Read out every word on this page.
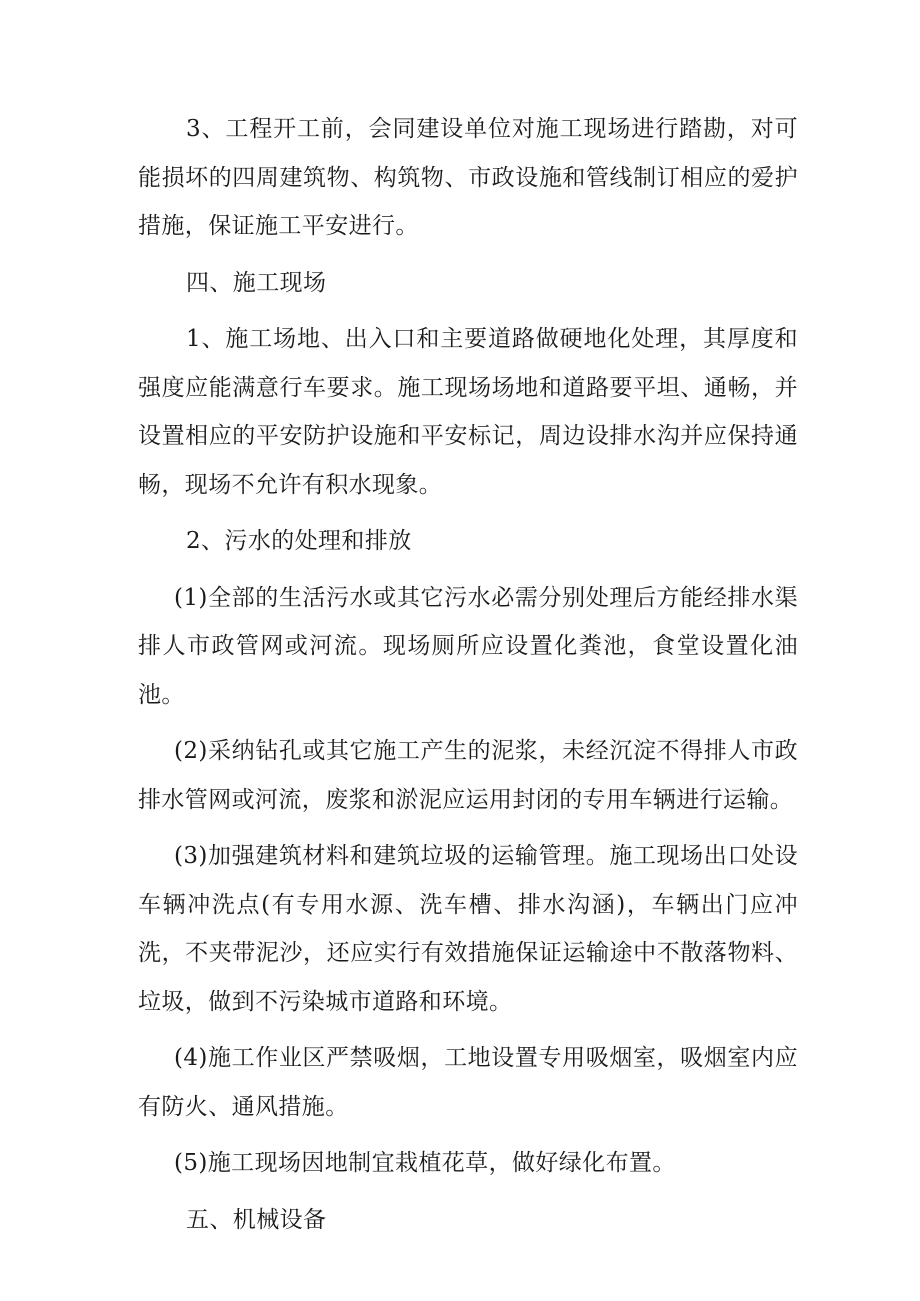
3、工程开工前，会同建设单位对施工现场进行踏勘，对可能损坏的四周建筑物、构筑物、市政设施和管线制订相应的爱护措施，保证施工平安进行。

四、施工现场

1、施工场地、出入口和主要道路做硬地化处理，其厚度和强度应能满意行车要求。施工现场场地和道路要平坦、通畅，并设置相应的平安防护设施和平安标记，周边设排水沟并应保持通畅，现场不允许有积水现象。

2、污水的处理和排放

(1)全部的生活污水或其它污水必需分别处理后方能经排水渠排人市政管网或河流。现场厕所应设置化粪池，食堂设置化油池。

(2)采纳钻孔或其它施工产生的泥浆，未经沉淀不得排人市政排水管网或河流，废浆和淤泥应运用封闭的专用车辆进行运输。

(3)加强建筑材料和建筑垃圾的运输管理。施工现场出口处设车辆冲洗点(有专用水源、洗车槽、排水沟涵)，车辆出门应冲洗，不夹带泥沙，还应实行有效措施保证运输途中不散落物料、垃圾，做到不污染城市道路和环境。

(4)施工作业区严禁吸烟，工地设置专用吸烟室，吸烟室内应有防火、通风措施。

(5)施工现场因地制宜栽植花草，做好绿化布置。

五、机械设备
